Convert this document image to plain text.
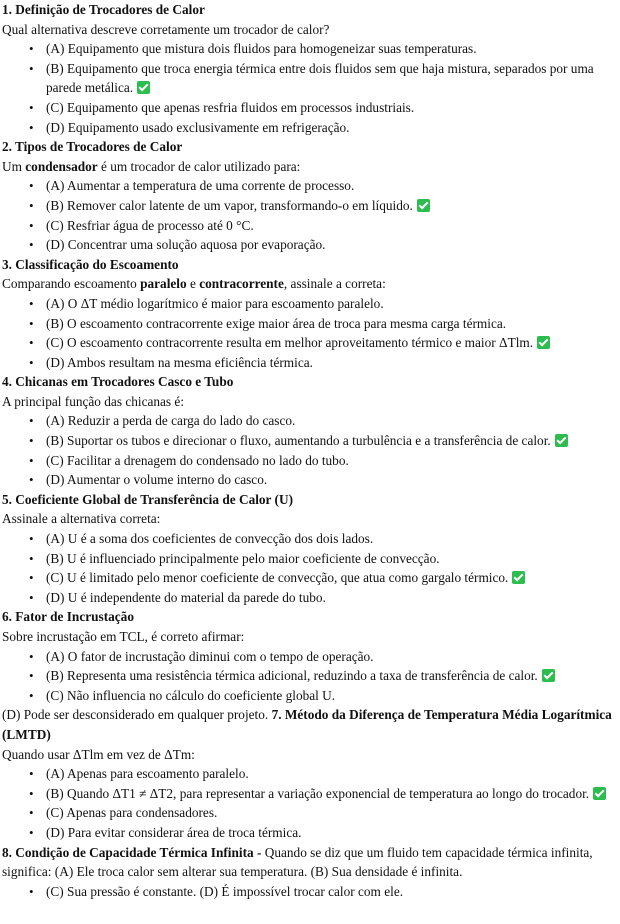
1. Definição de Trocadores de Calor
Qual alternativa descreve corretamente um trocador de calor?
• (A) Equipamento que mistura dois fluidos para homogeneizar suas temperaturas.
• (B) Equipamento que troca energia térmica entre dois fluidos sem que haja mistura, separados por uma parede metálica.
• (C) Equipamento que apenas resfria fluidos em processos industriais.
• (D) Equipamento usado exclusivamente em refrigeração.
2. Tipos de Trocadores de Calor
Um condensador é um trocador de calor utilizado para:
• (A) Aumentar a temperatura de uma corrente de processo.
• (B) Remover calor latente de um vapor, transformando-o em líquido.
• (C) Resfriar água de processo até 0 °C.
• (D) Concentrar uma solução aquosa por evaporação.
3. Classificação do Escoamento
Comparando escoamento paralelo e contracorrente, assinale a correta:
• (A) O ΔT médio logarítmico é maior para escoamento paralelo.
• (B) O escoamento contracorrente exige maior área de troca para mesma carga térmica.
• (C) O escoamento contracorrente resulta em melhor aproveitamento térmico e maior ΔTlm.
• (D) Ambos resultam na mesma eficiência térmica.
4. Chicanas em Trocadores Casco e Tubo
A principal função das chicanas é:
• (A) Reduzir a perda de carga do lado do casco.
• (B) Suportar os tubos e direcionar o fluxo, aumentando a turbulência e a transferência de calor.
• (C) Facilitar a drenagem do condensado no lado do tubo.
• (D) Aumentar o volume interno do casco.
5. Coeficiente Global de Transferência de Calor (U)
Assinale a alternativa correta:
• (A) U é a soma dos coeficientes de convecção dos dois lados.
• (B) U é influenciado principalmente pelo maior coeficiente de convecção.
• (C) U é limitado pelo menor coeficiente de convecção, que atua como gargalo térmico.
• (D) U é independente do material da parede do tubo.
6. Fator de Incrustação
Sobre incrustação em TCL, é correto afirmar:
• (A) O fator de incrustação diminui com o tempo de operação.
• (B) Representa uma resistência térmica adicional, reduzindo a taxa de transferência de calor.
• (C) Não influencia no cálculo do coeficiente global U.
(D) Pode ser desconsiderado em qualquer projeto. 7. Método da Diferença de Temperatura Média Logarítmica (LMTD)
Quando usar ΔTlm em vez de ΔTm:
• (A) Apenas para escoamento paralelo.
• (B) Quando ΔT1 ≠ ΔT2, para representar a variação exponencial de temperatura ao longo do trocador.
• (C) Apenas para condensadores.
• (D) Para evitar considerar área de troca térmica.
8. Condição de Capacidade Térmica Infinita - Quando se diz que um fluido tem capacidade térmica infinita, significa: (A) Ele troca calor sem alterar sua temperatura. (B) Sua densidade é infinita.
• (C) Sua pressão é constante. (D) É impossível trocar calor com ele.
